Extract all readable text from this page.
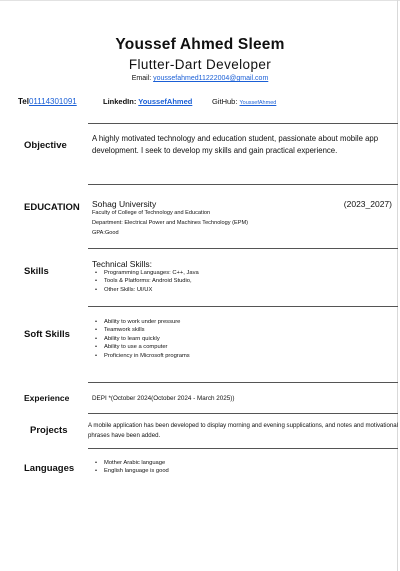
Youssef Ahmed Sleem
Flutter-Dart Developer
Email: youssefahmed11222004@gmail.com
Tel01114301091	LinkedIn: YoussefAhmed	GitHub: YoussefAhmed
Objective
A highly motivated technology and education student, passionate about mobile app development. I seek to develop my skills and gain practical experience.
EDUCATION Sohag University	(2023_2027)
Faculty of College of Technology and Education
Department: Electrical Power and Machines Technology (EPM)
GPA:Good
Skills
Technical Skills:
• Programming Languages: C++, Java
• Tools & Platforms: Android Studio,
• Other Skills: UI/UX
Soft Skills
• Ability to work under pressure
• Teamwork skills
• Ability to learn quickly
• Ability to use a computer
• Proficiency in Microsoft programs
Experience	DEPI *(October 2024(October 2024 - March 2025))
Projects	A mobile application has been developed to display morning and evening supplications, and notes and motivational phrases have been added.
Languages
•	Mother Arabic language
• English language is good
